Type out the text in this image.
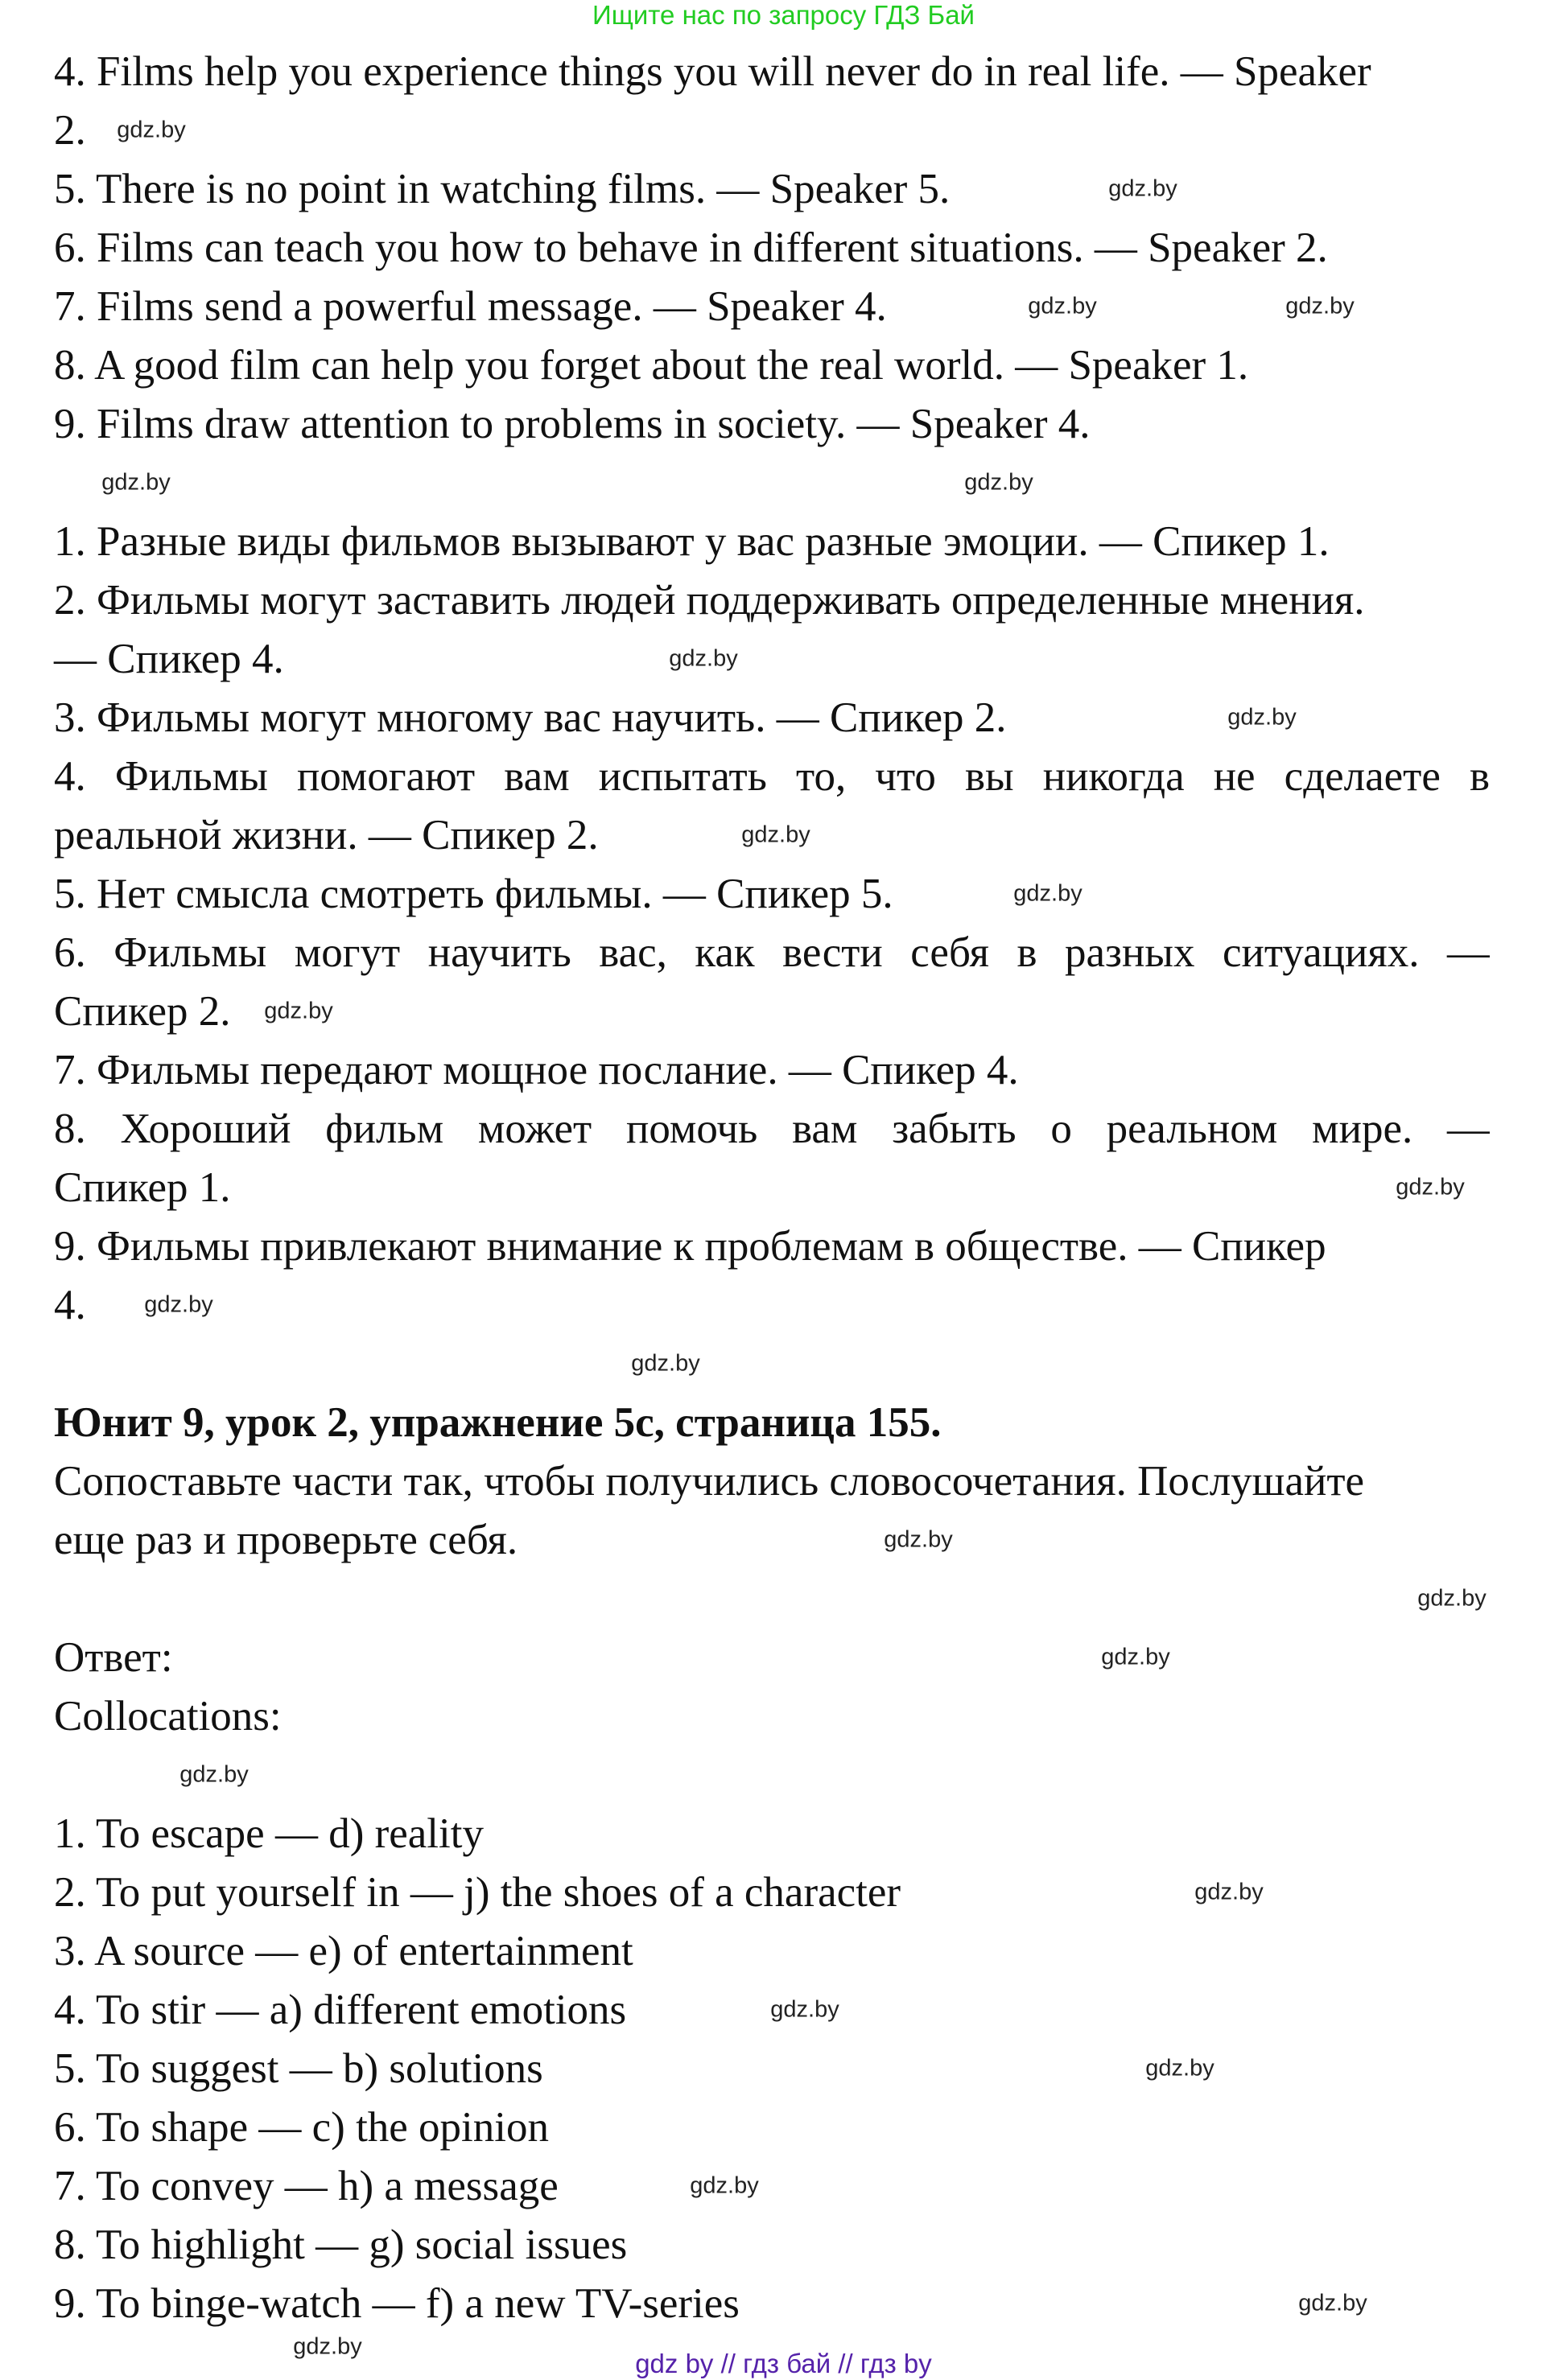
Ищите нас по запросу ГДЗ Бай
4. Films help you experience things you will never do in real life. — Speaker
2.
5. There is no point in watching films. — Speaker 5.
6. Films can teach you how to behave in different situations. — Speaker 2.
7. Films send a powerful message. — Speaker 4.
8. A good film can help you forget about the real world. — Speaker 1.
9. Films draw attention to problems in society. — Speaker 4.
1. Разные виды фильмов вызывают у вас разные эмоции. — Спикер 1.
2. Фильмы могут заставить людей поддерживать определенные мнения.
— Спикер 4.
3. Фильмы могут многому вас научить. — Спикер 2.
4. Фильмы помогают вам испытать то, что вы никогда не сделаете в
реальной жизни. — Спикер 2.
5. Нет смысла смотреть фильмы. — Спикер 5.
6. Фильмы могут научить вас, как вести себя в разных ситуациях. —
Спикер 2.
7. Фильмы передают мощное послание. — Спикер 4.
8. Хороший фильм может помочь вам забыть о реальном мире. —
Спикер 1.
9. Фильмы привлекают внимание к проблемам в обществе. — Спикер
4.
Юнит 9, урок 2, упражнение 5с, страница 155.
Сопоставьте части так, чтобы получились словосочетания. Послушайте
еще раз и проверьте себя.
Ответ:
Collocations:
1. To escape — d) reality
2. To put yourself in — j) the shoes of a character
3. A source — e) of entertainment
4. To stir — a) different emotions
5. To suggest — b) solutions
6. To shape — c) the opinion
7. To convey — h) a message
8. To highlight — g) social issues
9. To binge-watch — f) a new TV-series
gdz.by
gdz.by
gdz.by	gdz.by
gdz.by	gdz.by
gdz.by
gdz.by
gdz.by
gdz.by
gdz.by
gdz.by
gdz.by
gdz.by
gdz.by
gdz.by
gdz.by
gdz.by
gdz.by
gdz.by
gdz.by
gdz.by
gdz.by
gdz.by
gdz by // гдз бай // гдз by
